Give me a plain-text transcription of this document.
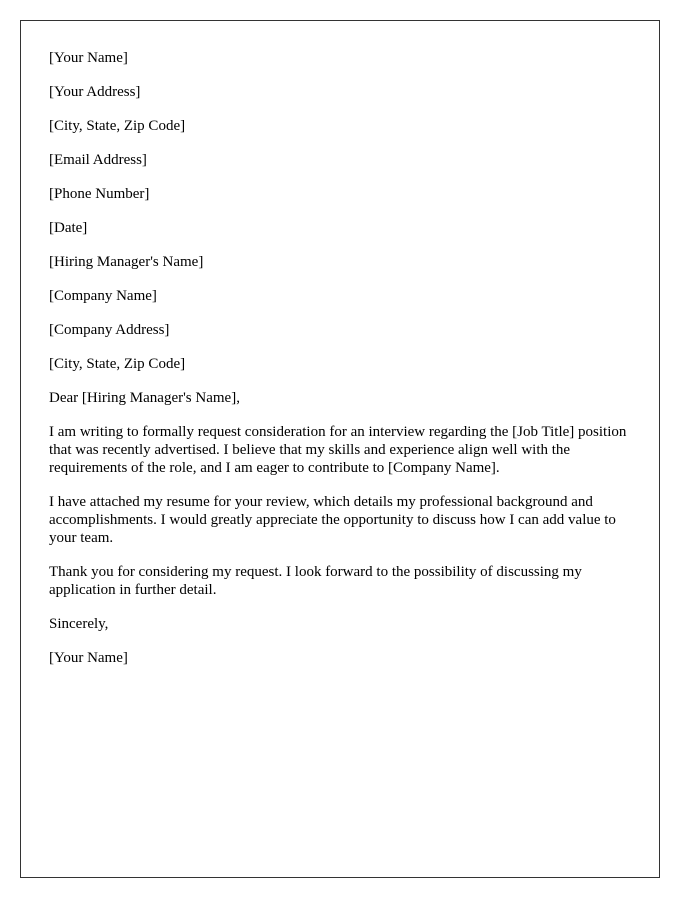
[Your Name]

[Your Address]

[City, State, Zip Code]

[Email Address]

[Phone Number]

[Date]

[Hiring Manager's Name]

[Company Name]

[Company Address]

[City, State, Zip Code]

Dear [Hiring Manager's Name],

I am writing to formally request consideration for an interview regarding the [Job Title] position that was recently advertised. I believe that my skills and experience align well with the requirements of the role, and I am eager to contribute to [Company Name].

I have attached my resume for your review, which details my professional background and accomplishments. I would greatly appreciate the opportunity to discuss how I can add value to your team.

Thank you for considering my request. I look forward to the possibility of discussing my application in further detail.

Sincerely,

[Your Name]
